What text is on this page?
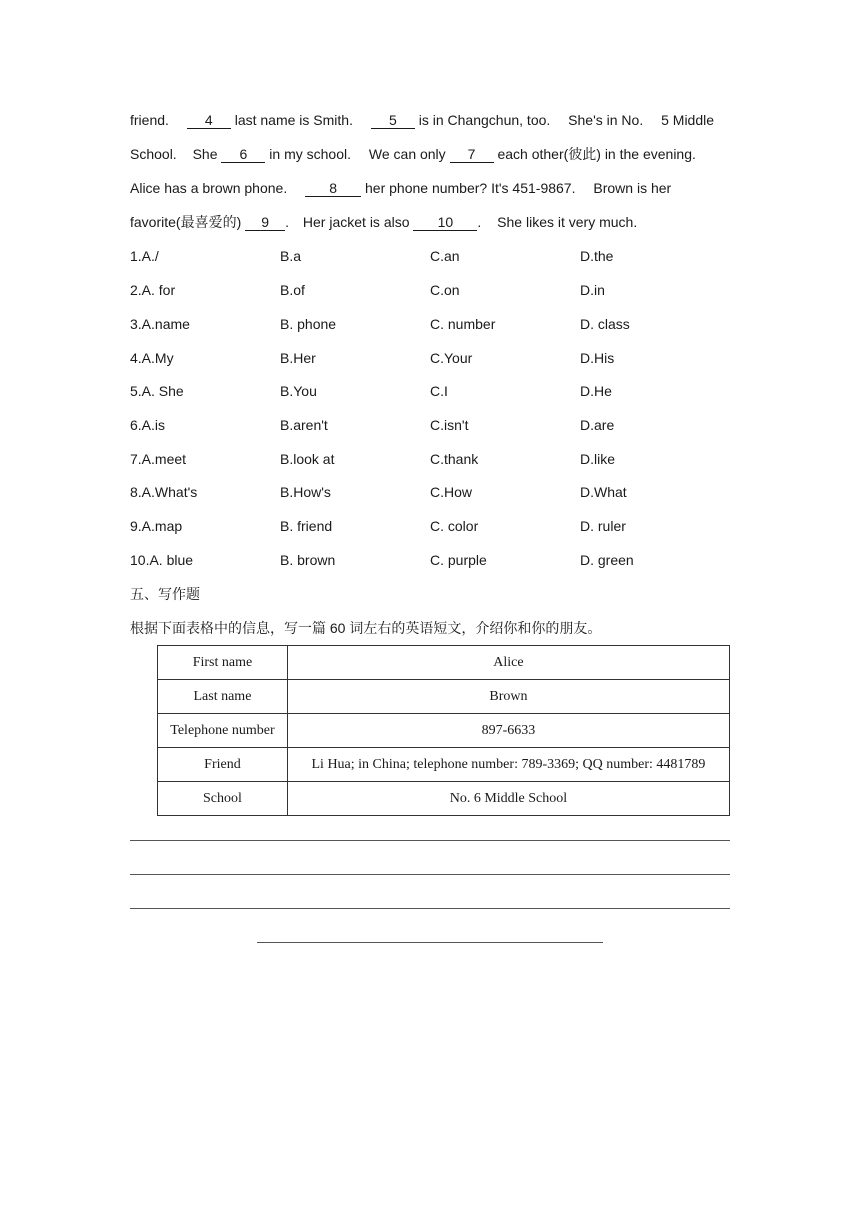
friend.	4 last name is Smith.	5 is in Changchun, too. She's in No. 5 Middle
School. She 6 in my school. We can only 7 each other(彼此) in the evening.
Alice has a brown phone.	8 her phone number? It's 451-9867. Brown is her
favorite(最喜爱的) 9 . Her jacket is also 10 . She likes it very much.
1.A./	B.a	C.an	D.the
2.A. for	B.of	C.on	D.in
3.A.name	B. phone	C. number	D. class
4.A.My	B.Her	C.Your	D.His
5.A. She	B.You	C.I	D.He
6.A.is	B.aren't	C.isn't	D.are
7.A.meet	B.look at	C.thank	D.like
8.A.What's	B.How's	C.How	D.What
9.A.map	B. friend	C. color	D. ruler
10.A. blue	B. brown	C. purple	D. green
五、写作题
根据下面表格中的信息，写一篇 60 词左右的英语短文，介绍你和你的朋友。
First name	Alice
Last name	Brown
Telephone number	897-6633
Friend	Li Hua; in China; telephone number: 789-3369; QQ number: 4481789
School	No. 6 Middle School
